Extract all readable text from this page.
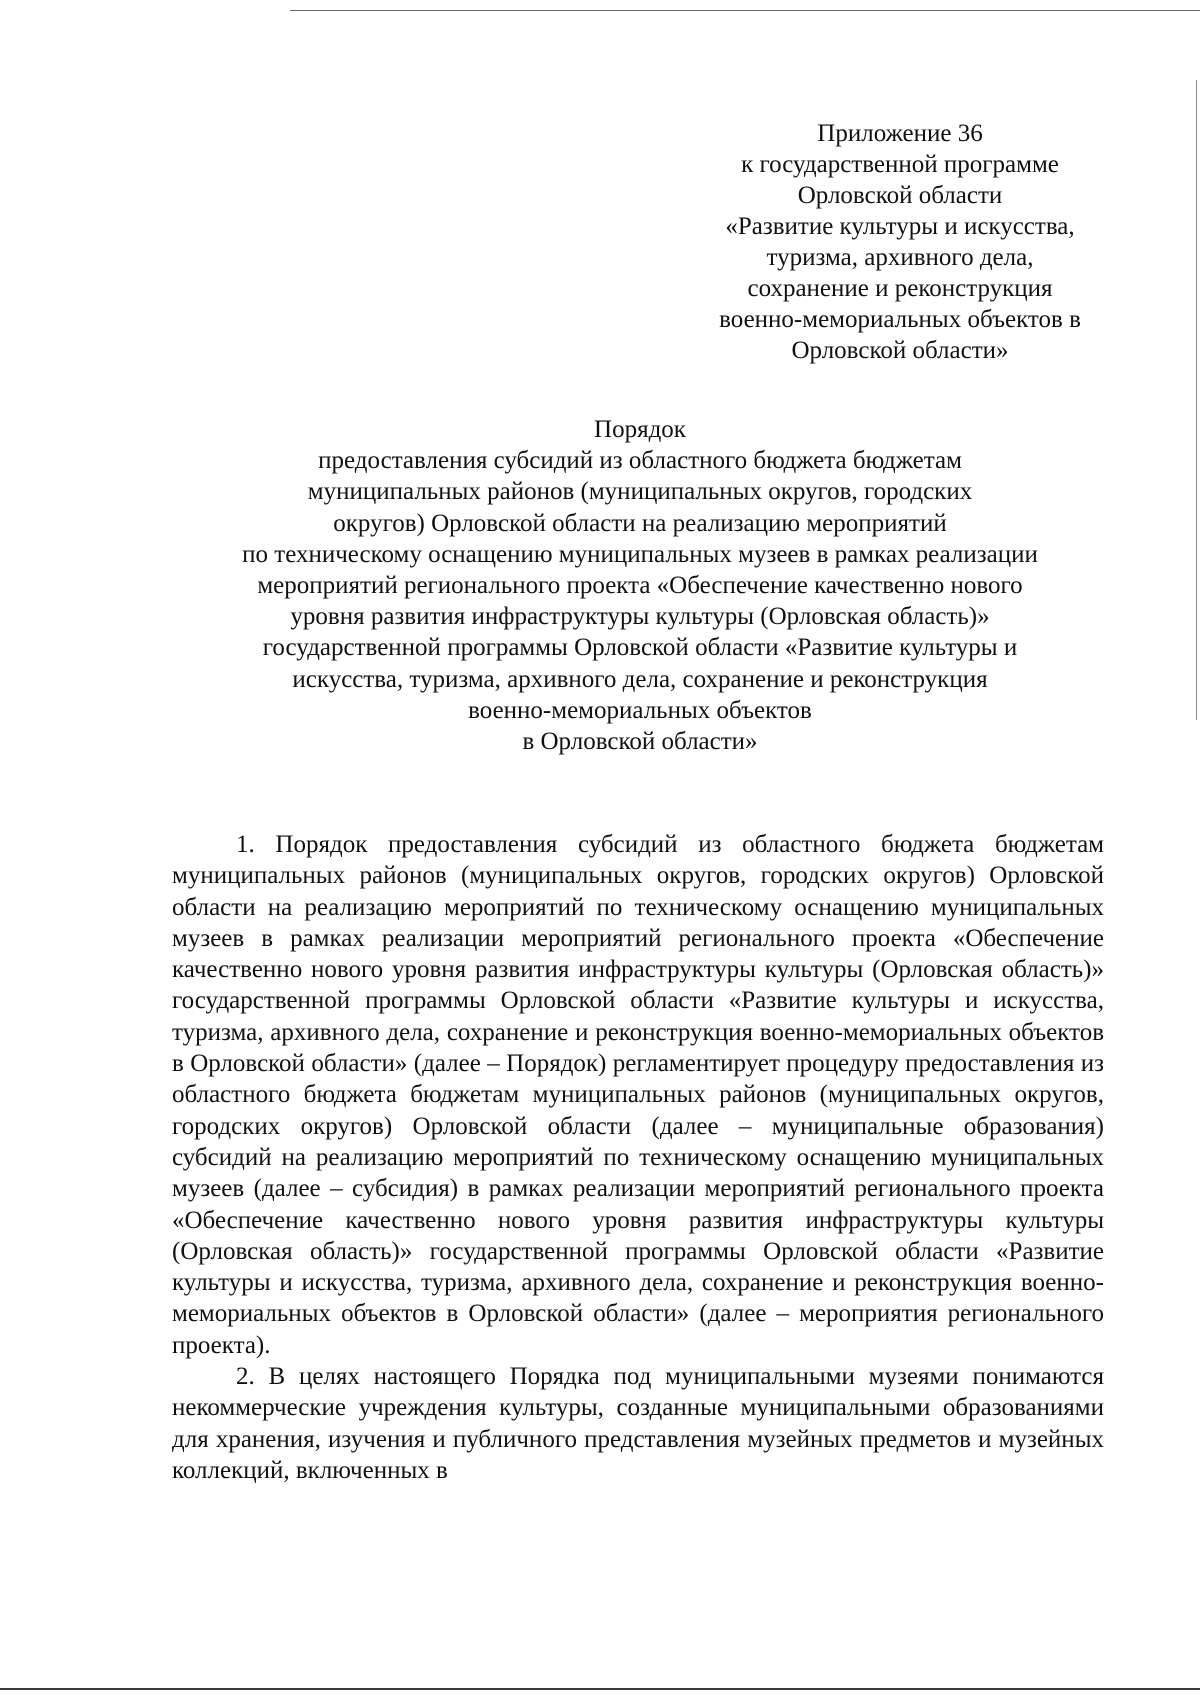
Приложение 36
к государственной программе
Орловской области
«Развитие культуры и искусства,
туризма, архивного дела,
сохранение и реконструкция
военно-мемориальных объектов в
Орловской области»
Порядок
предоставления субсидий из областного бюджета бюджетам
муниципальных районов (муниципальных округов, городских
округов) Орловской области на реализацию мероприятий
по техническому оснащению муниципальных музеев в рамках реализации
мероприятий регионального проекта «Обеспечение качественно нового
уровня развития инфраструктуры культуры (Орловская область)»
государственной программы Орловской области «Развитие культуры и
искусства, туризма, архивного дела, сохранение и реконструкция
военно-мемориальных объектов
в Орловской области»

1. Порядок предоставления субсидий из областного бюджета бюджетам муниципальных районов (муниципальных округов, городских округов) Орловской области на реализацию мероприятий по техническому оснащению муниципальных музеев в рамках реализации мероприятий регионального проекта «Обеспечение качественно нового уровня развития инфраструктуры культуры (Орловская область)» государственной программы Орловской области «Развитие культуры и искусства, туризма, архивного дела, сохранение и реконструкция военно-мемориальных объектов в Орловской области» (далее – Порядок) регламентирует процедуру предоставления из областного бюджета бюджетам муниципальных районов (муниципальных округов, городских округов) Орловской области (далее – муниципальные образования) субсидий на реализацию мероприятий по техническому оснащению муниципальных музеев (далее – субсидия) в рамках реализации мероприятий регионального проекта «Обеспечение качественно нового уровня развития инфраструктуры культуры (Орловская область)» государственной программы Орловской области «Развитие культуры и искусства, туризма, архивного дела, сохранение и реконструкция военно-мемориальных объектов в Орловской области» (далее – мероприятия регионального проекта).

2. В целях настоящего Порядка под муниципальными музеями понимаются некоммерческие учреждения культуры, созданные муниципальными образованиями для хранения, изучения и публичного представления музейных предметов и музейных коллекций, включенных в
